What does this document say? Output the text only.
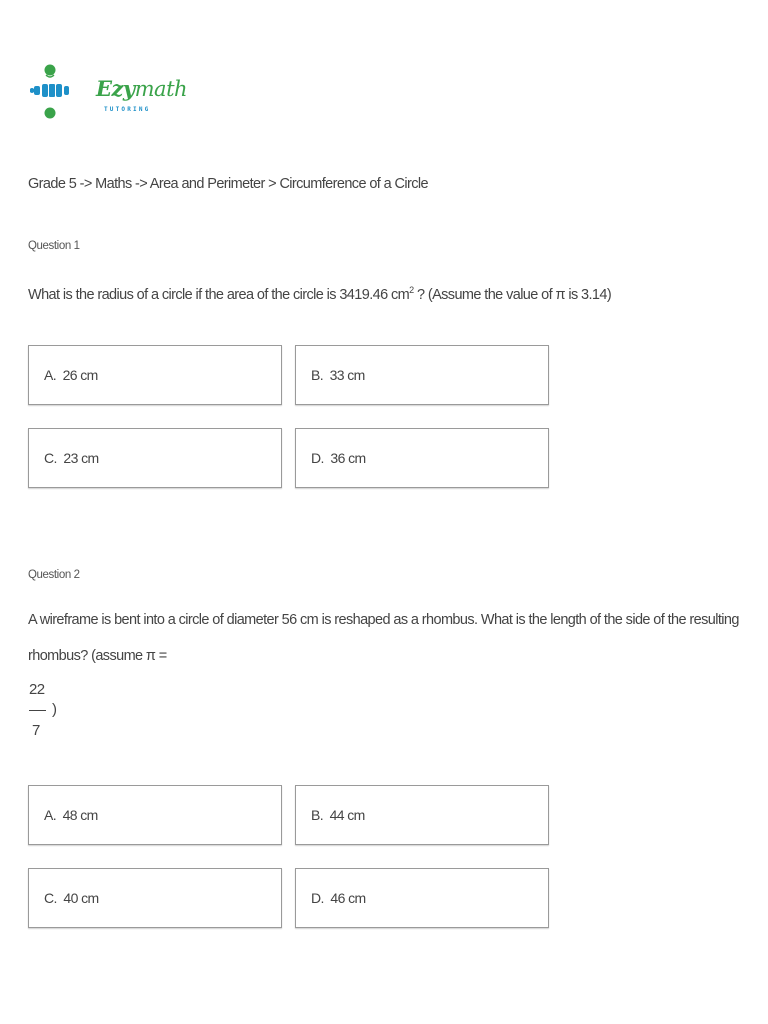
Ezymath
TUTORING
Grade 5 -> Maths -> Area and Perimeter > Circumference of a Circle
Question 1
What is the radius of a circle if the area of the circle is 3419.46 $cm^2$ ? (Assume the value of π is 3.14)
A. 26 cm	B. 33 cm
C. 23 cm	D. 36 cm
Question 2
A wireframe is bent into a circle of diameter 56 cm is reshaped as a rhombus. What is the length of the side of the resulting
rhombus? (assume π =
22
7
)
A. 48 cm	B. 44 cm
C. 40 cm	D. 46 cm
